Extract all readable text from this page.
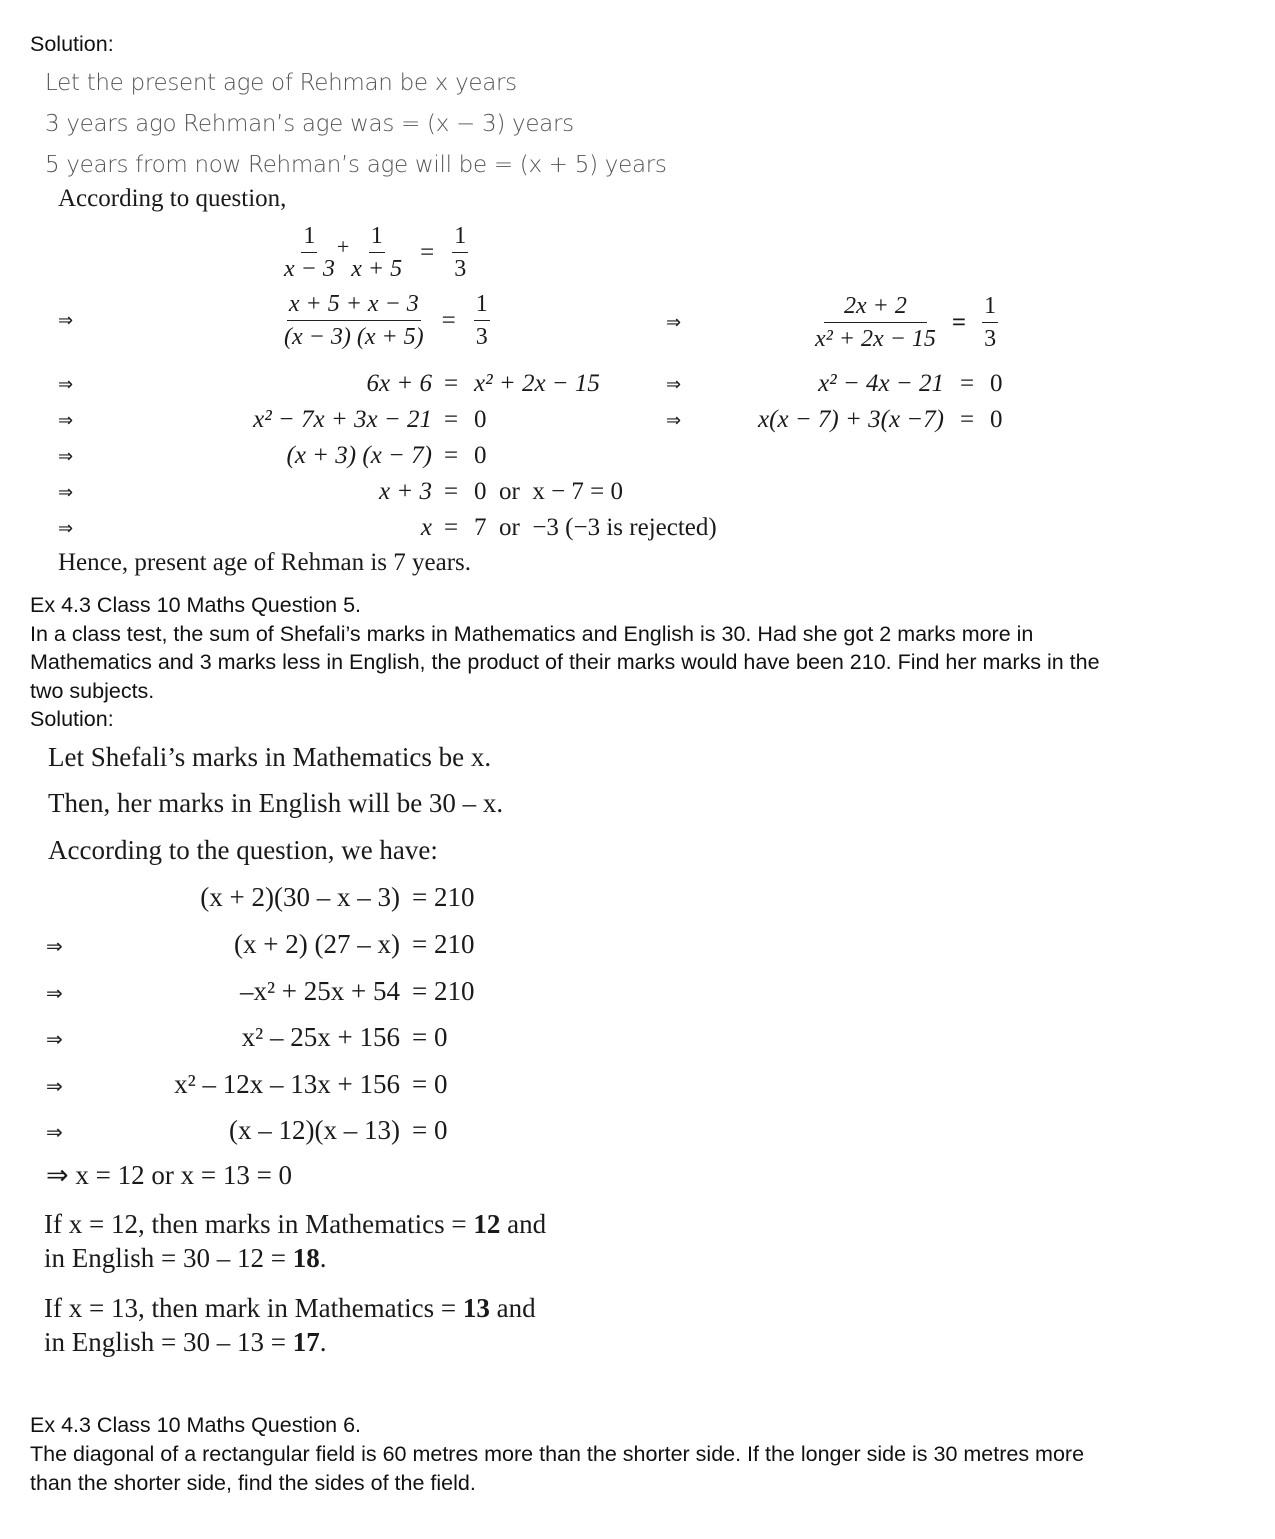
Solution:
Let the present age of Rehman be x years
3 years ago Rehman’s age was = (x − 3) years
5 years from now Rehman’s age will be = (x + 5) years
According to question,
$\frac{1}{x - 3} + \frac{1}{x + 5} = \frac{1}{3}$
⇒	$\frac{x + 5 + x - 3}{(x - 3) (x + 5)} = \frac{1}{3}$	⇒	$\frac{2x + 2}{\text{x² + 2x − 15}} = \frac{1}{3}$
⇒	6x + 6 = x² + 2x − 15	⇒	x² − 4x − 21 = 0
⇒	x² − 7x + 3x − 21 = 0	⇒	x(x − 7) + 3(x −7) = 0
⇒	(x + 3) (x − 7) = 0
⇒	x + 3 = 0  or  x − 7 = 0
⇒	x = 7  or  −3 (−3 is rejected)
Hence, present age of Rehman is 7 years.
Ex 4.3 Class 10 Maths Question 5.
In a class test, the sum of Shefali’s marks in Mathematics and English is 30. Had she got 2 marks more in
Mathematics and 3 marks less in English, the product of their marks would have been 210. Find her marks in the
two subjects.
Solution:
Let Shefali’s marks in Mathematics be x.
Then, her marks in English will be 30 – x.
According to the question, we have:
(x + 2)(30 – x – 3) = 210
⇒	(x + 2) (27 – x) = 210
⇒	–x² + 25x + 54 = 210
⇒	x² – 25x + 156 = 0
⇒	x² – 12x – 13x + 156 = 0
⇒	(x – 12)(x – 13) = 0
⇒ x = 12 or x = 13 = 0
If x = 12, then marks in Mathematics = 12 and
in English = 30 – 12 = 18.
If x = 13, then mark in Mathematics = 13 and
in English = 30 – 13 = 17.
Ex 4.3 Class 10 Maths Question 6.
The diagonal of a rectangular field is 60 metres more than the shorter side. If the longer side is 30 metres more
than the shorter side, find the sides of the field.
